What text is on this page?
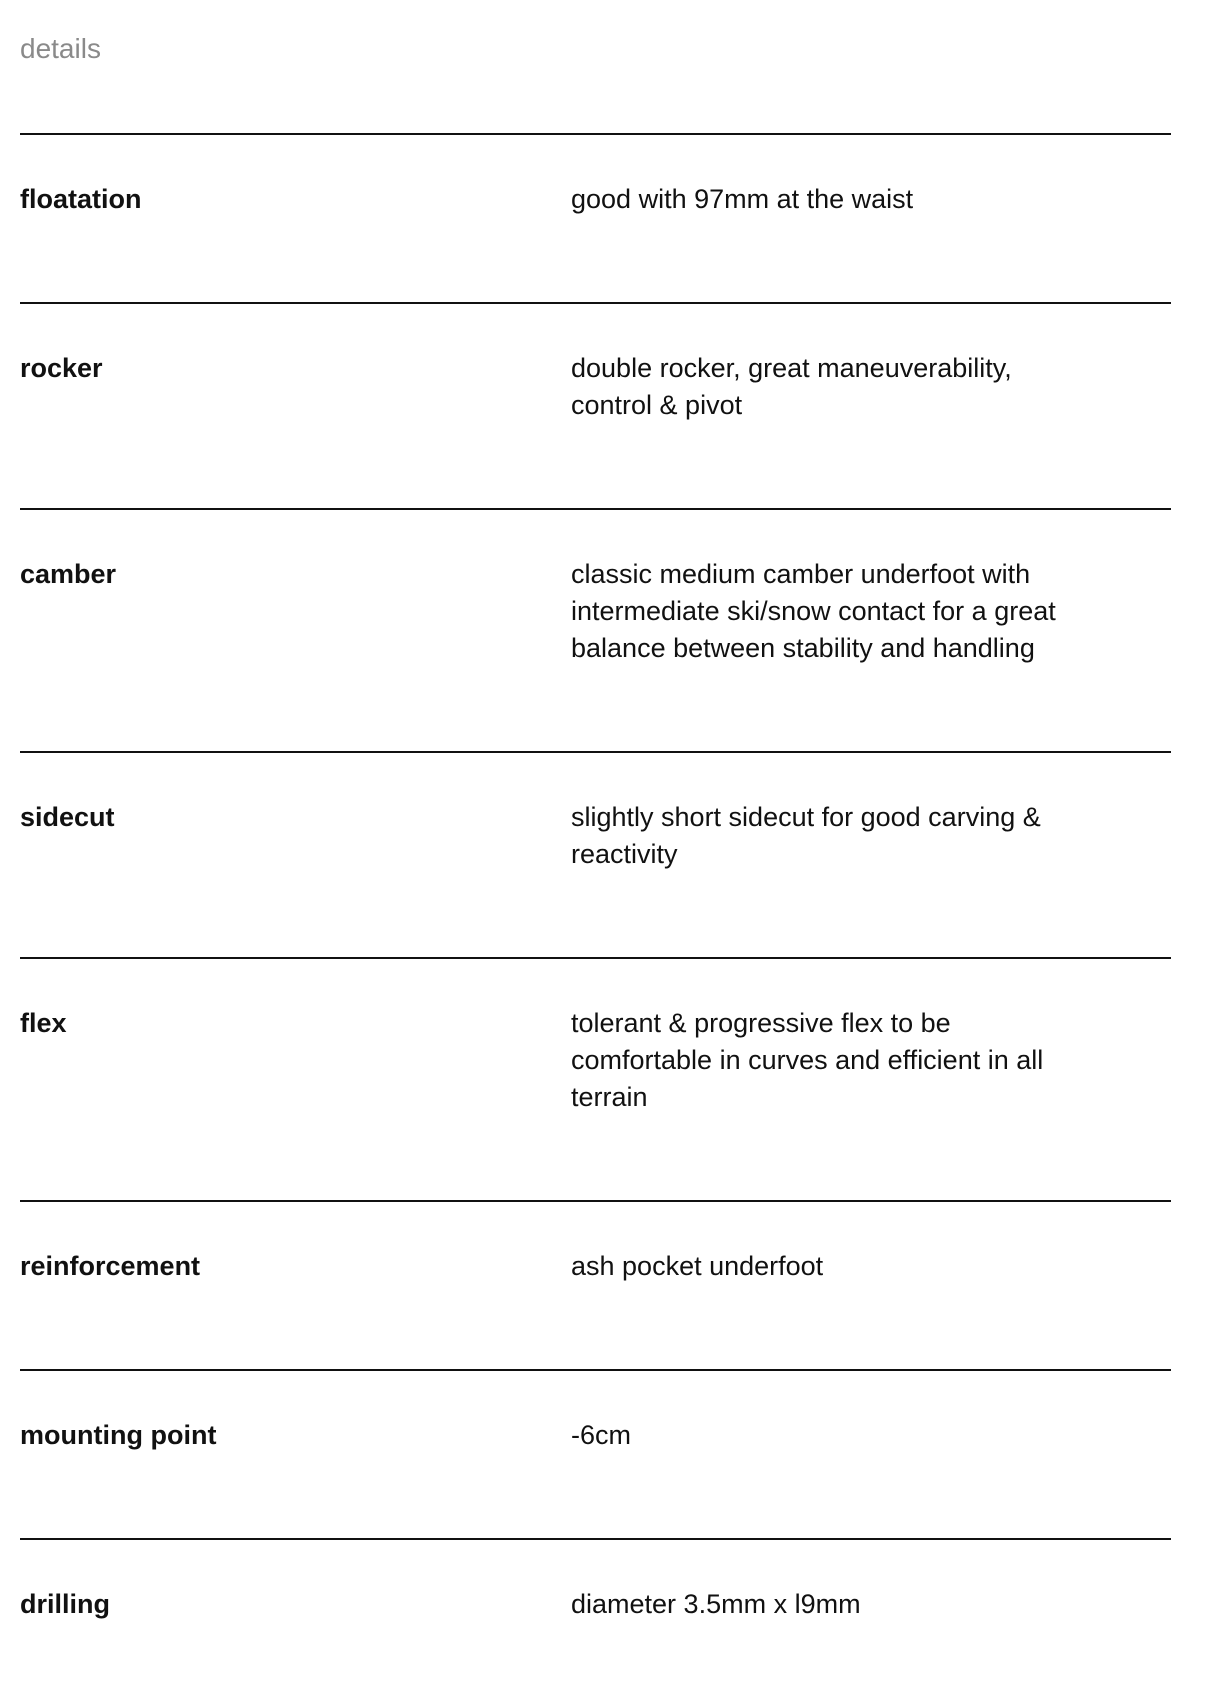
details
floatation	good with 97mm at the waist
rocker	double rocker, great maneuverability, control & pivot
camber	classic medium camber underfoot with intermediate ski/snow contact for a great balance between stability and handling
sidecut	slightly short sidecut for good carving & reactivity
flex	tolerant & progressive flex to be comfortable in curves and efficient in all terrain
reinforcement	ash pocket underfoot
mounting point	-6cm
drilling	diameter 3.5mm x l9mm
